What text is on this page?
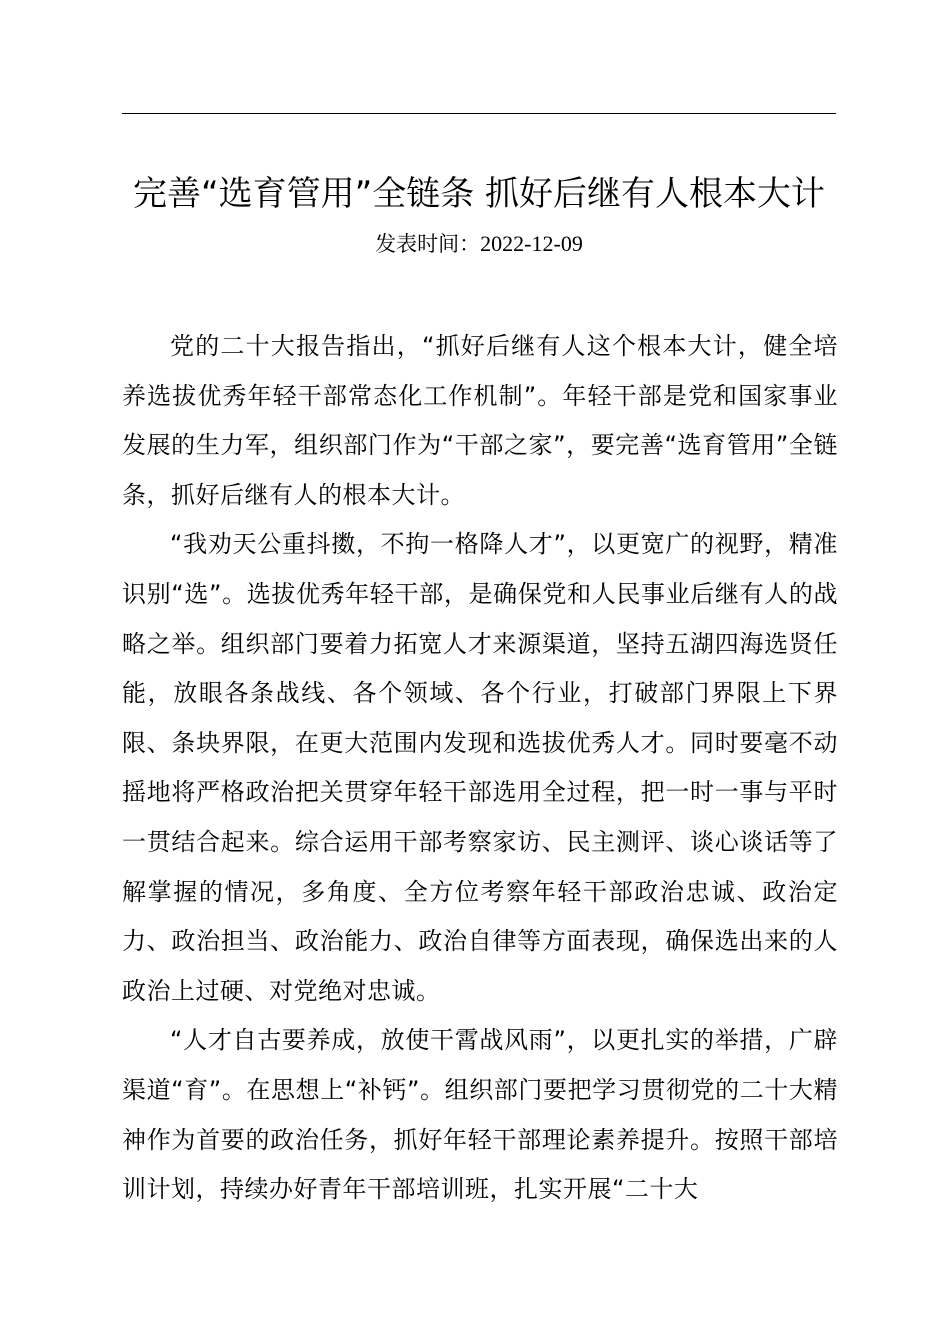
完善“选育管用”全链条 抓好后继有人根本大计
发表时间：2022-12-09

党的二十大报告指出，“抓好后继有人这个根本大计，健全培养选拔优秀年轻干部常态化工作机制”。年轻干部是党和国家事业发展的生力军，组织部门作为“干部之家”，要完善“选育管用”全链条，抓好后继有人的根本大计。

“我劝天公重抖擞，不拘一格降人才”，以更宽广的视野，精准识别“选”。选拔优秀年轻干部，是确保党和人民事业后继有人的战略之举。组织部门要着力拓宽人才来源渠道，坚持五湖四海选贤任能，放眼各条战线、各个领域、各个行业，打破部门界限上下界限、条块界限，在更大范围内发现和选拔优秀人才。同时要毫不动摇地将严格政治把关贯穿年轻干部选用全过程，把一时一事与平时一贯结合起来。综合运用干部考察家访、民主测评、谈心谈话等了解掌握的情况，多角度、全方位考察年轻干部政治忠诚、政治定力、政治担当、政治能力、政治自律等方面表现，确保选出来的人政治上过硬、对党绝对忠诚。

“人才自古要养成，放使干霄战风雨”，以更扎实的举措，广辟渠道“育”。在思想上“补钙”。组织部门要把学习贯彻党的二十大精神作为首要的政治任务，抓好年轻干部理论素养提升。按照干部培训计划，持续办好青年干部培训班，扎实开展“二十大
